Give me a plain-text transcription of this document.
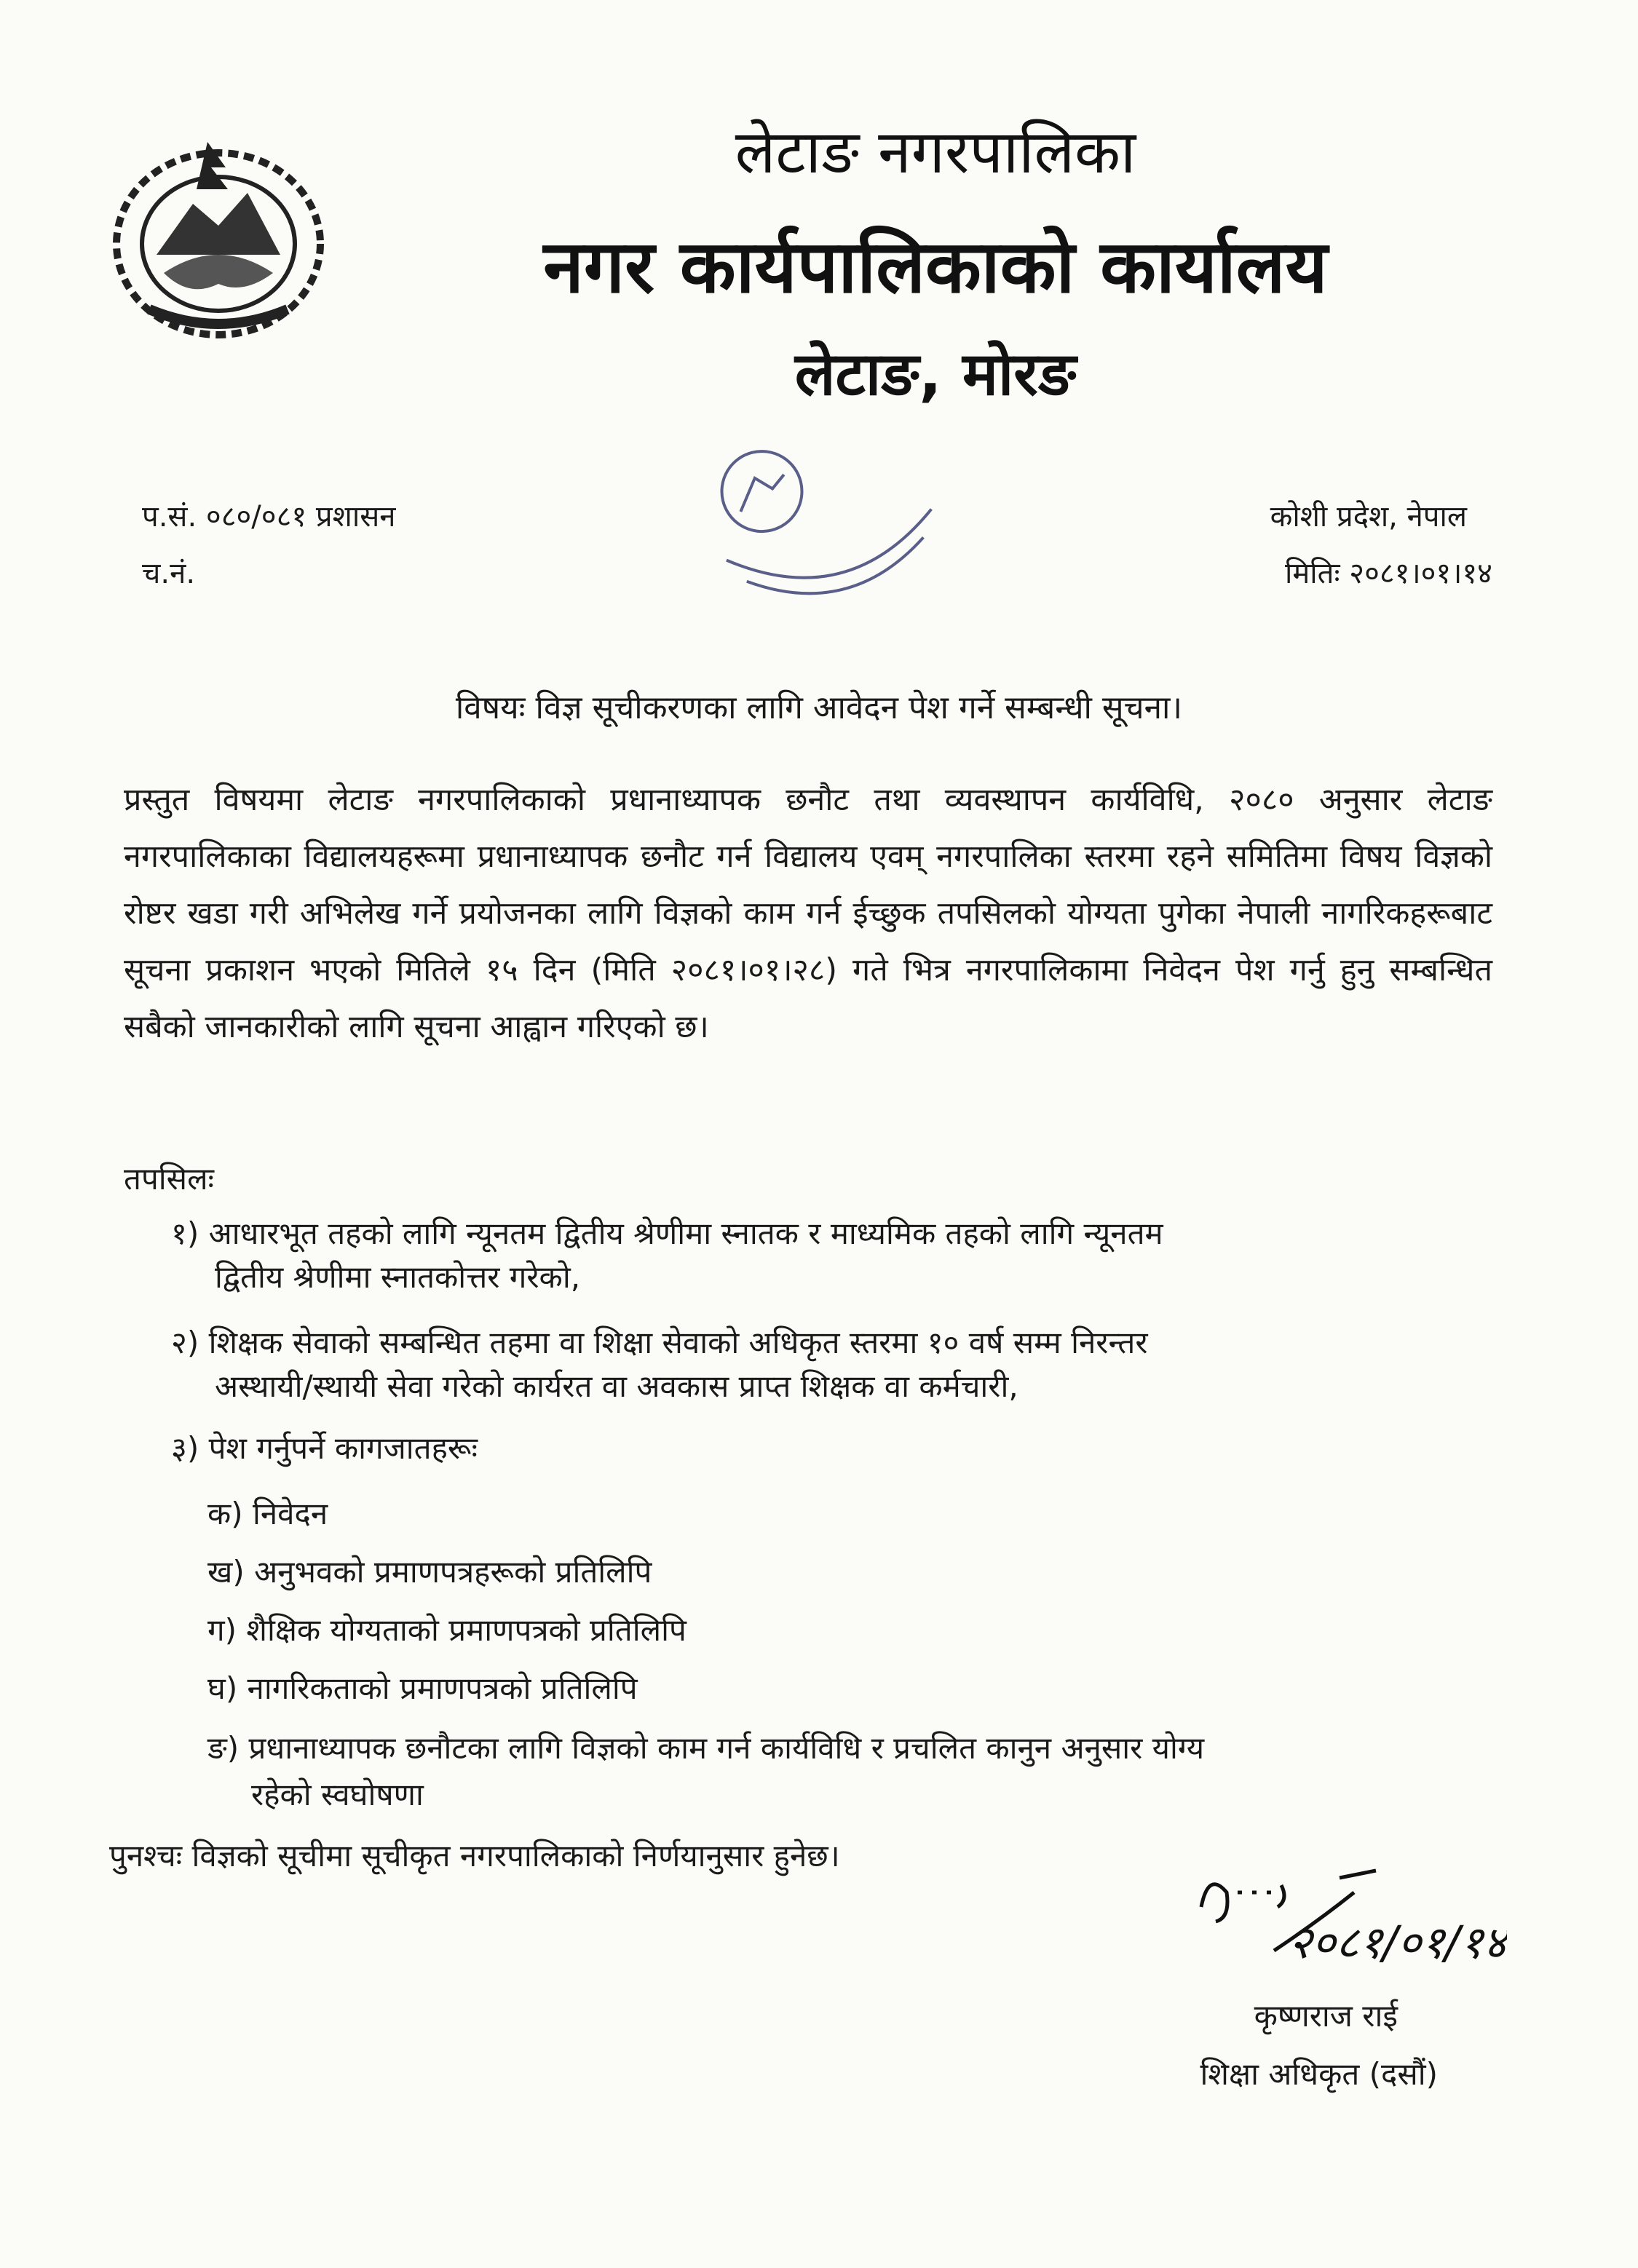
लेटाङ नगरपालिका
नगर कार्यपालिकाको कार्यालय
लेटाङ, मोरङ
प.सं. ०८०/०८१ प्रशासन
च.नं.
कोशी प्रदेश, नेपाल
मितिः २०८१।०१।१४
विषयः विज्ञ सूचीकरणका लागि आवेदन पेश गर्ने सम्बन्धी सूचना।
प्रस्तुत विषयमा लेटाङ नगरपालिकाको प्रधानाध्यापक छनौट तथा व्यवस्थापन कार्यविधि, २०८० अनुसार लेटाङ नगरपालिकाका विद्यालयहरूमा प्रधानाध्यापक छनौट गर्न विद्यालय एवम् नगरपालिका स्तरमा रहने समितिमा विषय विज्ञको रोष्टर खडा गरी अभिलेख गर्ने प्रयोजनका लागि विज्ञको काम गर्न ईच्छुक तपसिलको योग्यता पुगेका नेपाली नागरिकहरूबाट सूचना प्रकाशन भएको मितिले १५ दिन (मिति २०८१।०१।२८) गते भित्र नगरपालिकामा निवेदन पेश गर्नु हुनु सम्बन्धित सबैको जानकारीको लागि सूचना आह्वान गरिएको छ।
तपसिलः
१) आधारभूत तहको लागि न्यूनतम द्वितीय श्रेणीमा स्नातक र माध्यमिक तहको लागि न्यूनतम
द्वितीय श्रेणीमा स्नातकोत्तर गरेको,
२) शिक्षक सेवाको सम्बन्धित तहमा वा शिक्षा सेवाको अधिकृत स्तरमा १० वर्ष सम्म निरन्तर
अस्थायी/स्थायी सेवा गरेको कार्यरत वा अवकास प्राप्त शिक्षक वा कर्मचारी,
३) पेश गर्नुपर्ने कागजातहरूः
क) निवेदन
ख) अनुभवको प्रमाणपत्रहरूको प्रतिलिपि
ग) शैक्षिक योग्यताको प्रमाणपत्रको प्रतिलिपि
घ) नागरिकताको प्रमाणपत्रको प्रतिलिपि
ङ) प्रधानाध्यापक छनौटका लागि विज्ञको काम गर्न कार्यविधि र प्रचलित कानुन अनुसार योग्य
रहेको स्वघोषणा
पुनश्चः विज्ञको सूचीमा सूचीकृत नगरपालिकाको निर्णयानुसार हुनेछ।
२०८१/०१/१४
कृष्णराज राई
शिक्षा अधिकृत (दसौं)
